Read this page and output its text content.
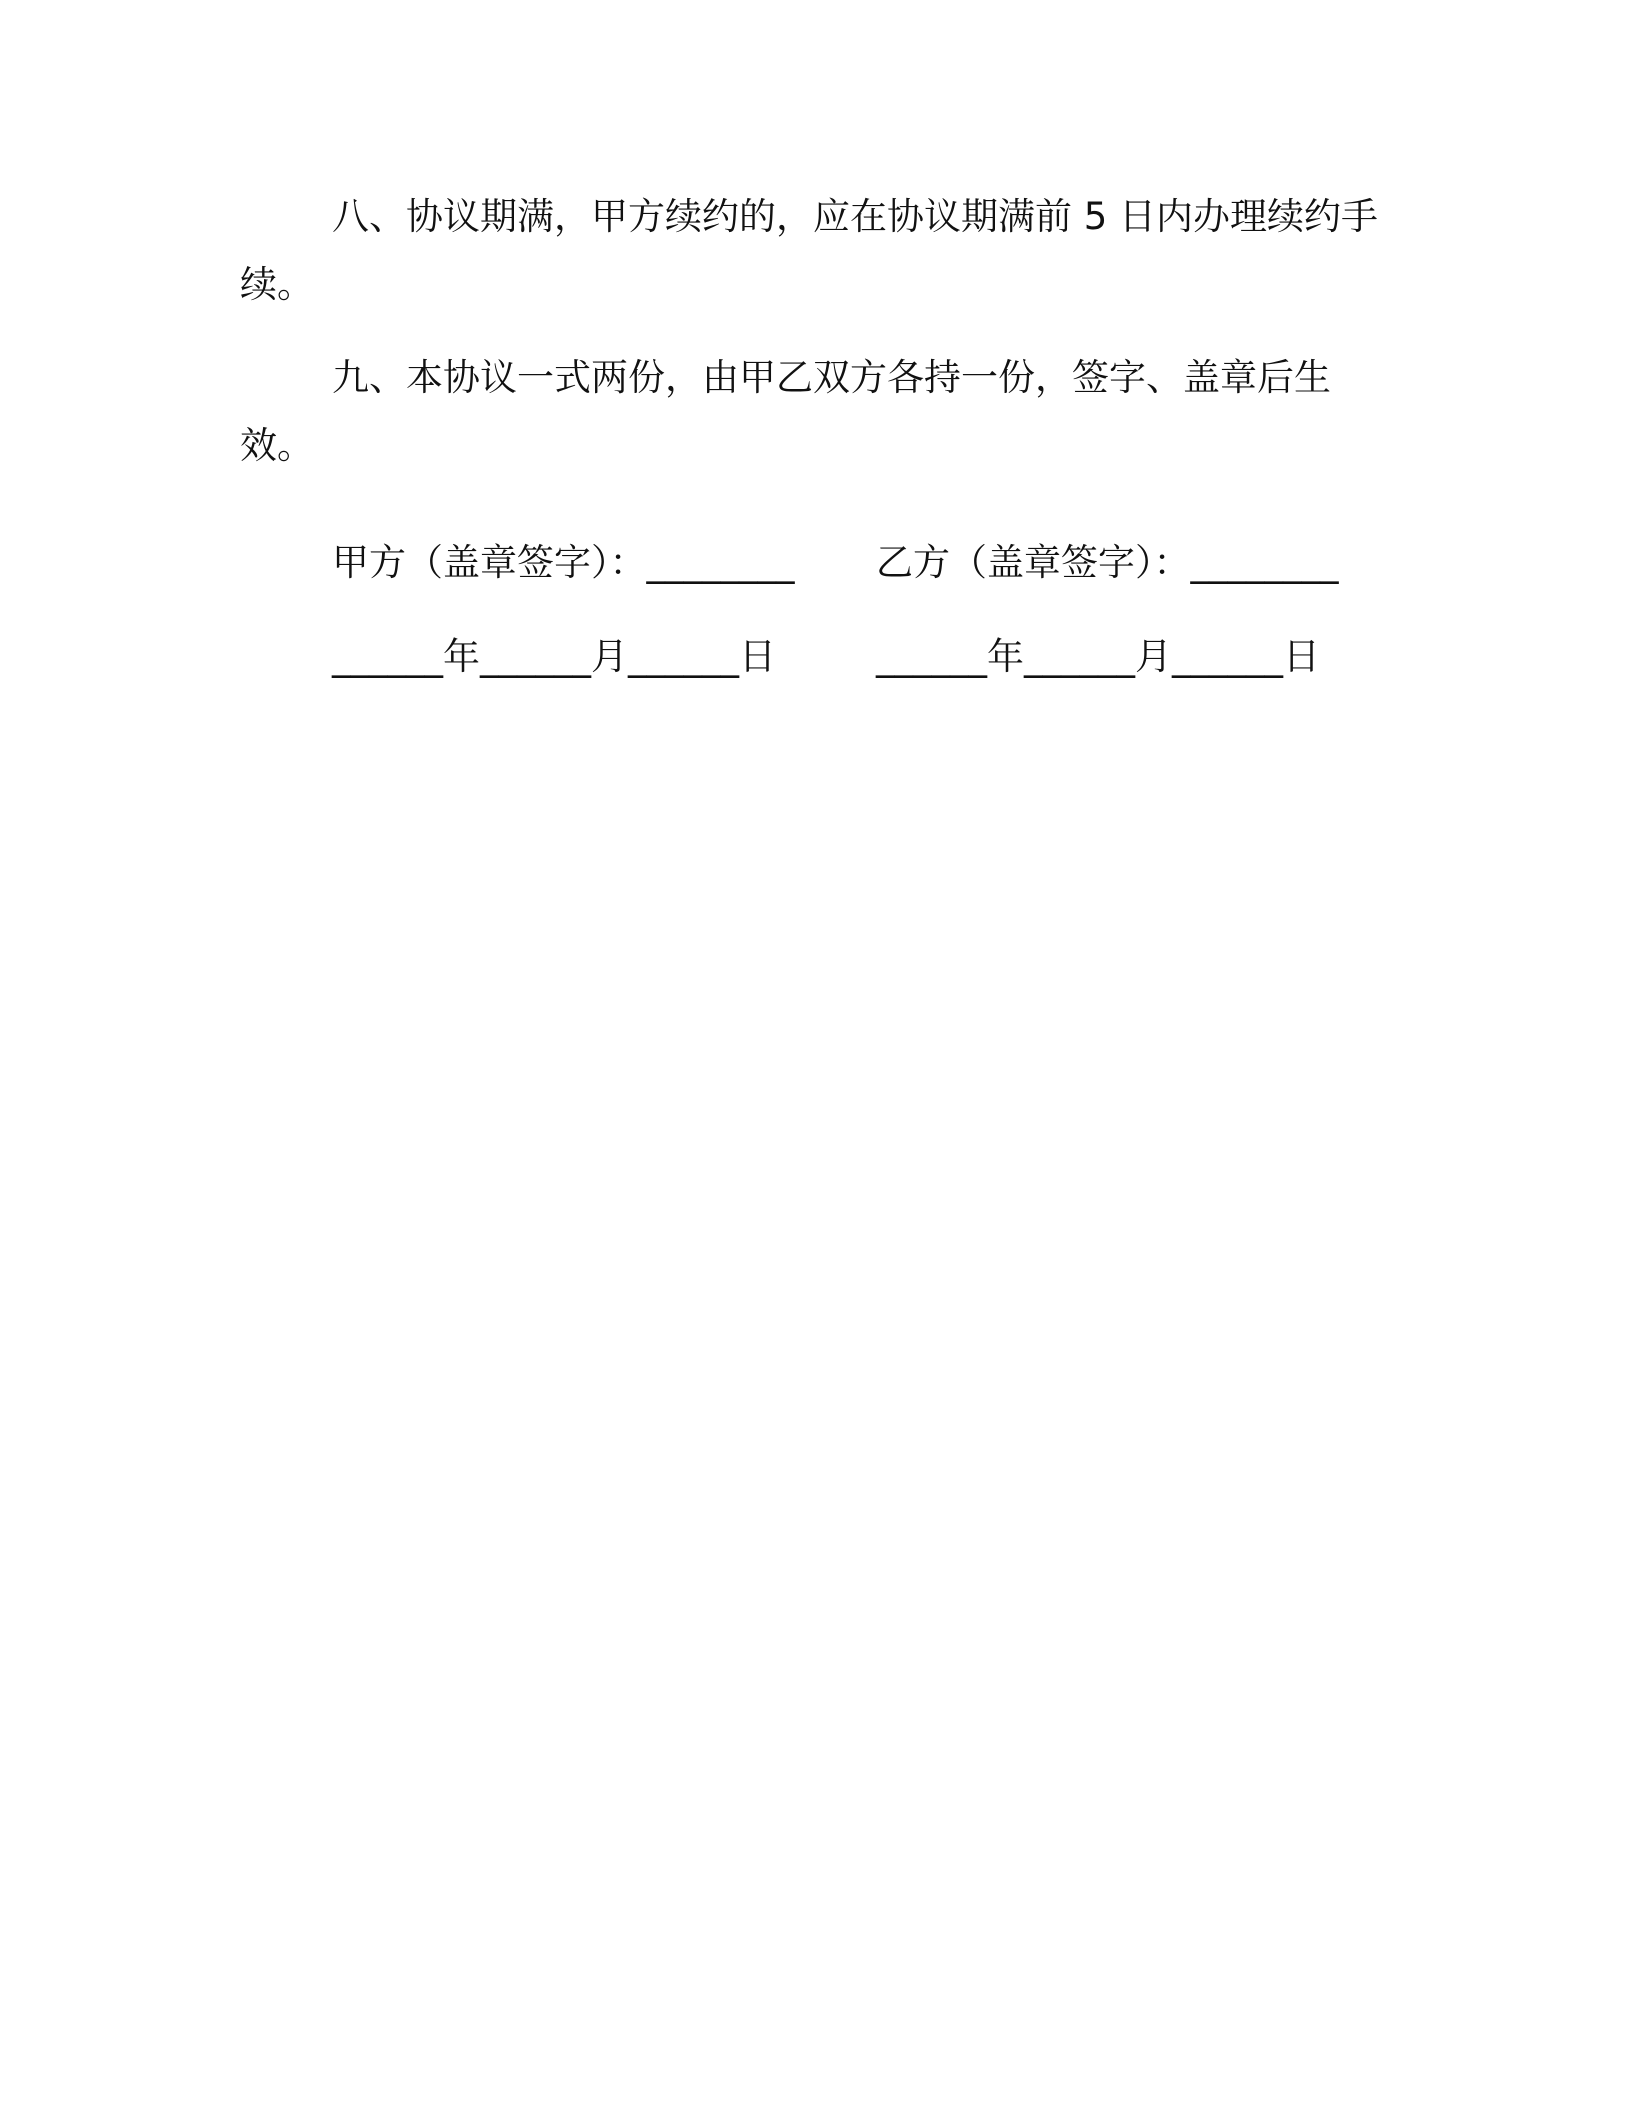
八、协议期满，甲方续约的，应在协议期满前 5 日内办理续约手续。

九、本协议一式两份，由甲乙双方各持一份，签字、盖章后生效。

甲方（盖章签字）：________ 乙方（盖章签字）：________
______年______月______日	______年______月______日
